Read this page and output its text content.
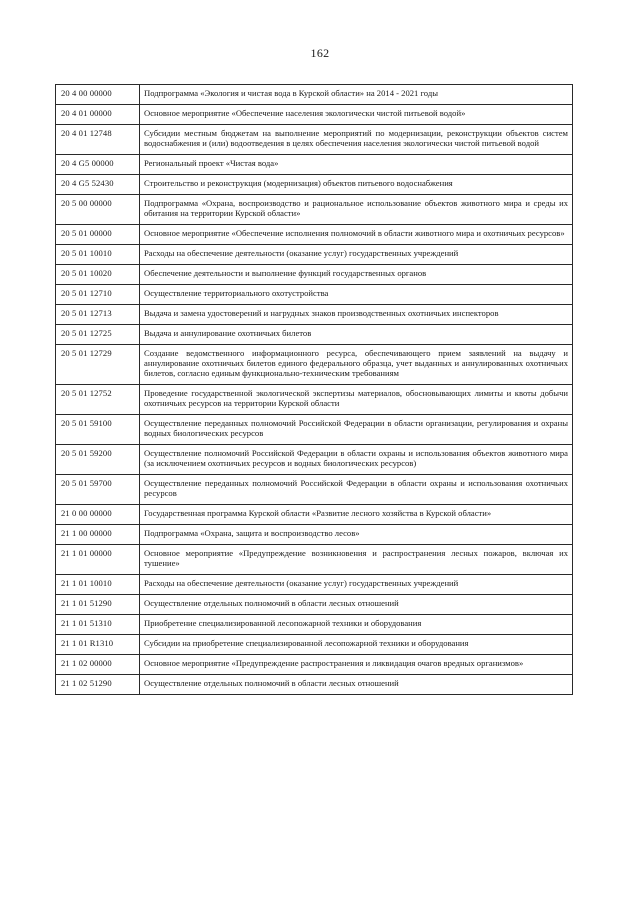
162
20 4 00 00000	Подпрограмма «Экология и чистая вода в Курской области» на 2014 - 2021 годы
20 4 01 00000	Основное мероприятие «Обеспечение населения экологически чистой питьевой водой»
20 4 01 12748	Субсидии местным бюджетам на выполнение мероприятий по модернизации, реконструкции объектов систем водоснабжения и (или) водоотведения в целях обеспечения населения экологически чистой питьевой водой
20 4 G5 00000	Региональный проект «Чистая вода»
20 4 G5 52430	Строительство и реконструкция (модернизация) объектов питьевого водоснабжения
20 5 00 00000	Подпрограмма «Охрана, воспроизводство и рациональное использование объектов животного мира и среды их обитания на территории Курской области»
20 5 01 00000	Основное мероприятие «Обеспечение исполнения полномочий в области животного мира и охотничьих ресурсов»
20 5 01 10010	Расходы на обеспечение деятельности (оказание услуг) государственных учреждений
20 5 01 10020	Обеспечение деятельности и выполнение функций государственных органов
20 5 01 12710	Осуществление территориального охотустройства
20 5 01 12713	Выдача и замена удостоверений и нагрудных знаков производственных охотничьих инспекторов
20 5 01 12725	Выдача и аннулирование охотничьих билетов
20 5 01 12729	Создание ведомственного информационного ресурса, обеспечивающего прием заявлений на выдачу и аннулирование охотничьих билетов единого федерального образца, учет выданных и аннулированных охотничьих билетов, согласно единым функционально-техническим требованиям
20 5 01 12752	Проведение государственной экологической экспертизы материалов, обосновывающих лимиты и квоты добычи охотничьих ресурсов на территории Курской области
20 5 01 59100	Осуществление переданных полномочий Российской Федерации в области организации, регулирования и охраны водных биологических ресурсов
20 5 01 59200	Осуществление полномочий Российской Федерации в области охраны и использования объектов животного мира (за исключением охотничьих ресурсов и водных биологических ресурсов)
20 5 01 59700	Осуществление переданных полномочий Российской Федерации в области охраны и использования охотничьих ресурсов
21 0 00 00000	Государственная программа Курской области «Развитие лесного хозяйства в Курской области»
21 1 00 00000	Подпрограмма «Охрана, защита и воспроизводство лесов»
21 1 01 00000	Основное мероприятие «Предупреждение возникновения и распространения лесных пожаров, включая их тушение»
21 1 01 10010	Расходы на обеспечение деятельности (оказание услуг) государственных учреждений
21 1 01 51290	Осуществление отдельных полномочий в области лесных отношений
21 1 01 51310	Приобретение специализированной лесопожарной техники и оборудования
21 1 01 R1310	Субсидии на приобретение специализированной лесопожарной техники и оборудования
21 1 02 00000	Основное мероприятие «Предупреждение распространения и ликвидация очагов вредных организмов»
21 1 02 51290	Осуществление отдельных полномочий в области лесных отношений
